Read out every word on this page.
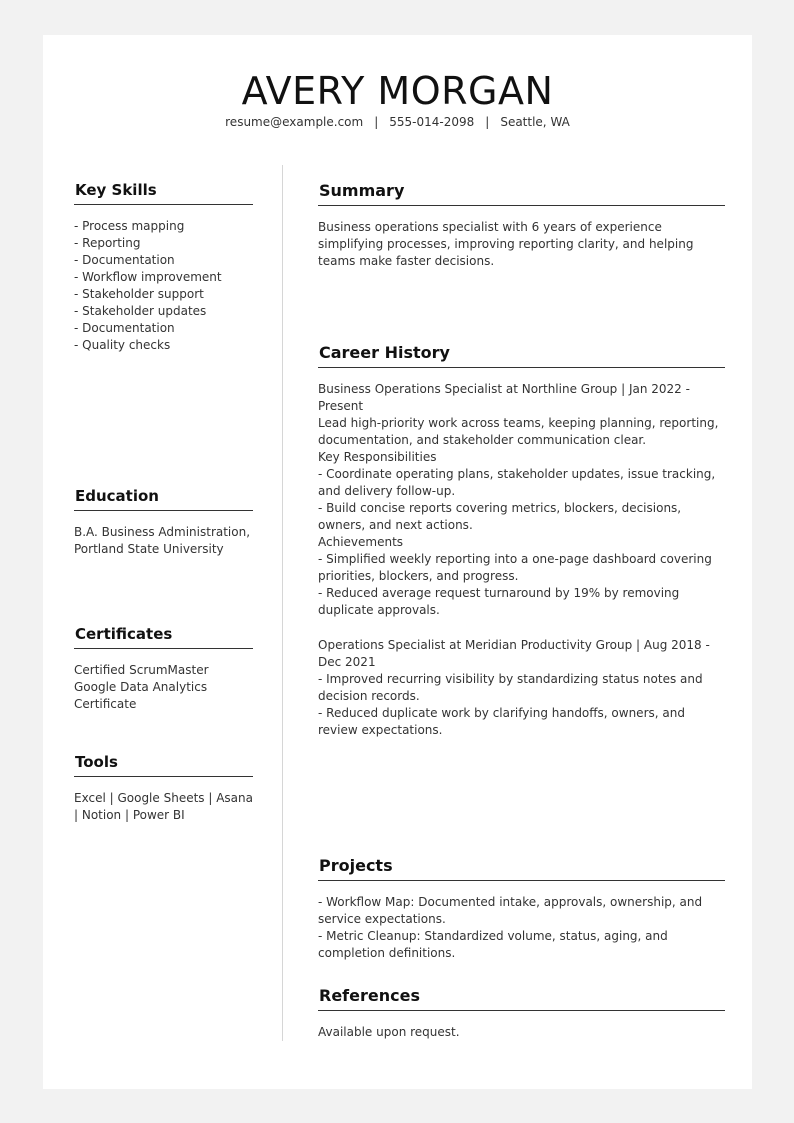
AVERY MORGAN
resume@example.com | 555-014-2098 | Seattle, WA
Key Skills
- Process mapping
- Reporting
- Documentation
- Workflow improvement
- Stakeholder support
- Stakeholder updates
- Documentation
- Quality checks
Education
B.A. Business Administration, Portland State University
Certificates
Certified ScrumMaster
Google Data Analytics Certificate
Tools
Excel | Google Sheets | Asana | Notion | Power BI
Summary
Business operations specialist with 6 years of experience simplifying processes, improving reporting clarity, and helping teams make faster decisions.
Career History
Business Operations Specialist at Northline Group | Jan 2022 - Present
Lead high-priority work across teams, keeping planning, reporting, documentation, and stakeholder communication clear.
Key Responsibilities
- Coordinate operating plans, stakeholder updates, issue tracking, and delivery follow-up.
- Build concise reports covering metrics, blockers, decisions, owners, and next actions.
Achievements
- Simplified weekly reporting into a one-page dashboard covering priorities, blockers, and progress.
- Reduced average request turnaround by 19% by removing duplicate approvals.
Operations Specialist at Meridian Productivity Group | Aug 2018 - Dec 2021
- Improved recurring visibility by standardizing status notes and decision records.
- Reduced duplicate work by clarifying handoffs, owners, and review expectations.
Projects
- Workflow Map: Documented intake, approvals, ownership, and service expectations.
- Metric Cleanup: Standardized volume, status, aging, and completion definitions.
References
Available upon request.
